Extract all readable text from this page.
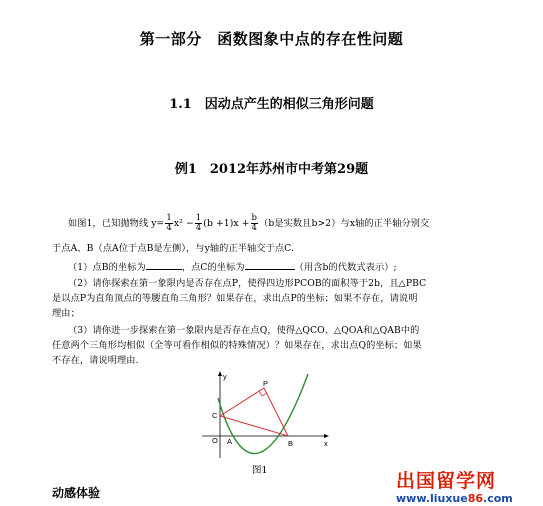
第一部分　函数图象中点的存在性问题
1.1　因动点产生的相似三角形问题
例1　2012年苏州市中考第29题
如图1，已知抛物线 $y= \frac{1}{4} x^2 - \frac{1}{4} (b +1)x + \frac{b}{4} (b$是实数且b>2）与x轴的正半轴分别交
于点A、B（点A位于点B是左侧），与y轴的正半轴交于点C.
（1）点B的坐标为	，点C的坐标为	（用含b的代数式表示）;
（2）请你探索在第一象限内是否存在点P，使得四边形PCOB的面积等于2b，且△PBC
是以点P为直角顶点的等腰直角三角形？如果存在，求出点P的坐标；如果不存在，请说明
理由；
（3）请你进一步探索在第一象限内是否存在点Q，使得△QCO、△QOA和△QAB中的
任意两个三角形均相似（全等可看作相似的特殊情况）？如果存在，求出点Q的坐标；如果
不存在，请说明理由.
y
x
P
C
O A	B
图1
动感体验
出国留学网
www.liuxue86.com
